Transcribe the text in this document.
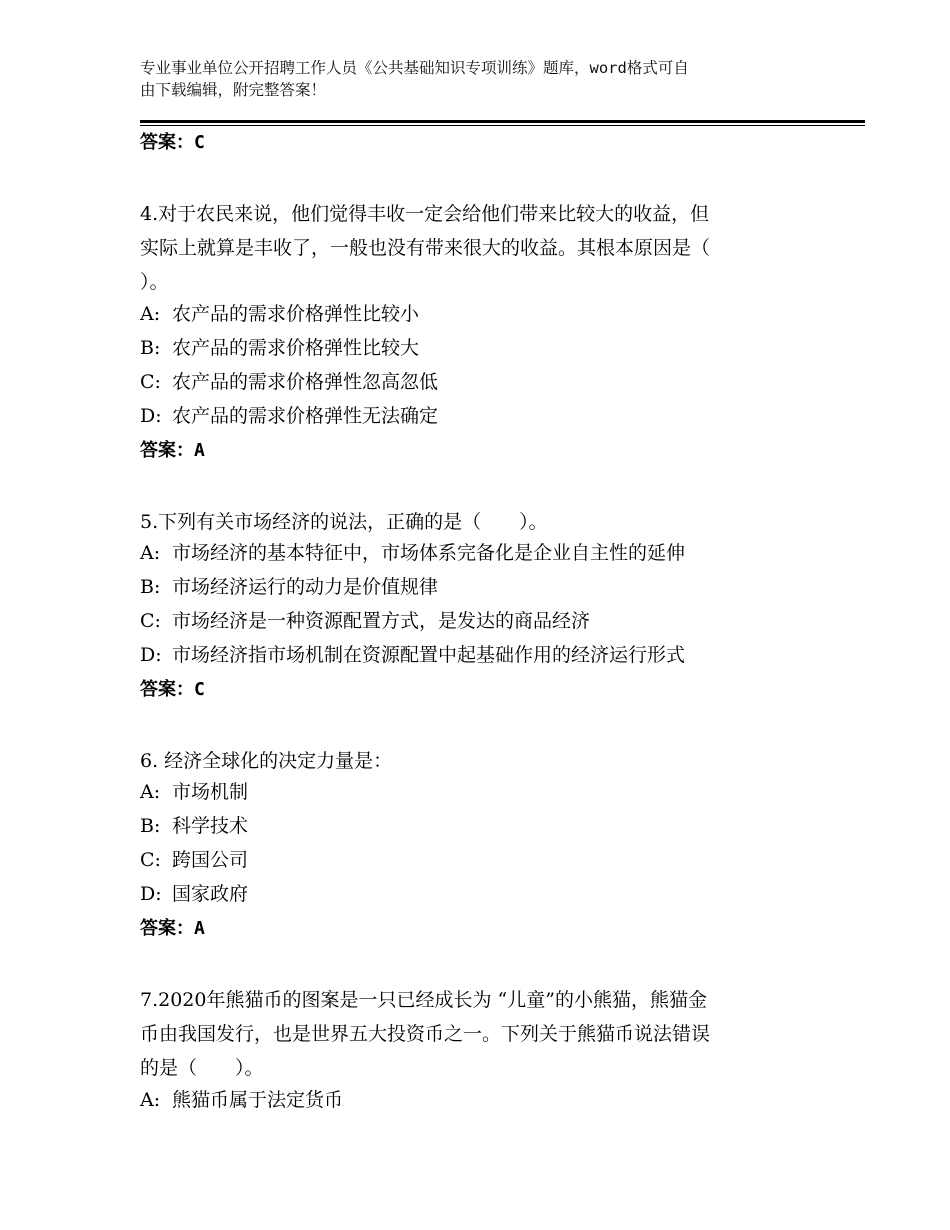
专业事业单位公开招聘工作人员《公共基础知识专项训练》题库，word格式可自
由下载编辑，附完整答案！
答案：C
4.对于农民来说，他们觉得丰收一定会给他们带来比较大的收益，但
实际上就算是丰收了，一般也没有带来很大的收益。其根本原因是（
）。
A: 农产品的需求价格弹性比较小
B: 农产品的需求价格弹性比较大
C: 农产品的需求价格弹性忽高忽低
D: 农产品的需求价格弹性无法确定
答案：A
5.下列有关市场经济的说法，正确的是（　　）。
A: 市场经济的基本特征中，市场体系完备化是企业自主性的延伸
B: 市场经济运行的动力是价值规律
C: 市场经济是一种资源配置方式，是发达的商品经济
D: 市场经济指市场机制在资源配置中起基础作用的经济运行形式
答案：C
6. 经济全球化的决定力量是：
A: 市场机制
B: 科学技术
C: 跨国公司
D: 国家政府
答案：A
7.2020年熊猫币的图案是一只已经成长为 “儿童”的小熊猫，熊猫金
币由我国发行，也是世界五大投资币之一。下列关于熊猫币说法错误
的是（　　）。
A: 熊猫币属于法定货币
